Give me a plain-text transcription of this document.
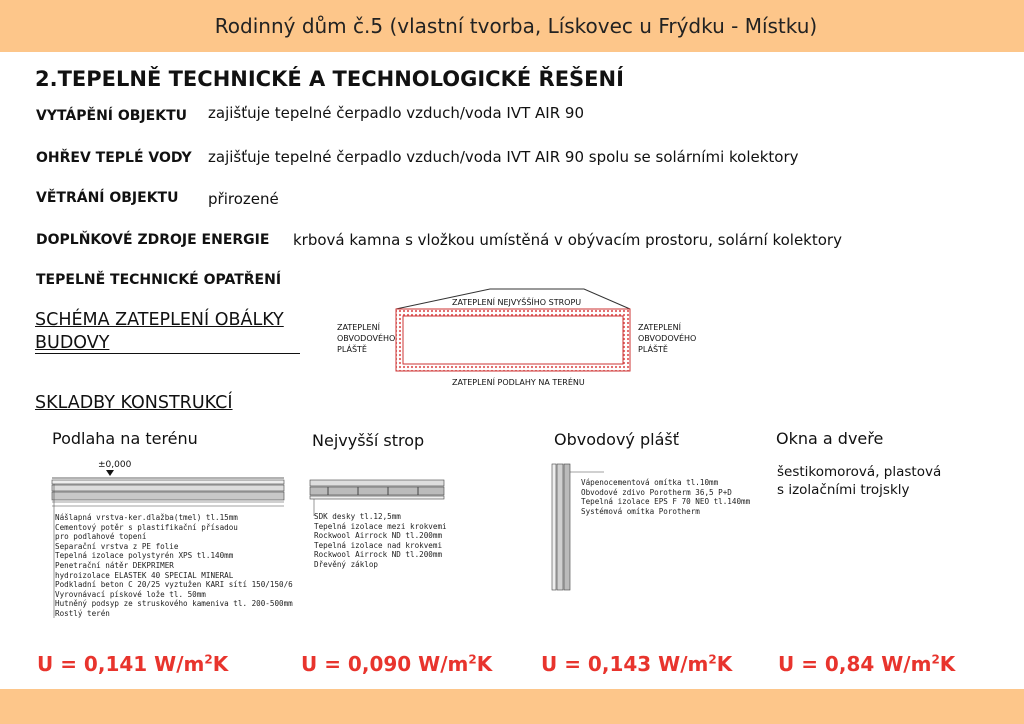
Rodinný dům č.5 (vlastní tvorba, Lískovec u Frýdku - Místku)
2.TEPELNĚ TECHNICKÉ A TECHNOLOGICKÉ ŘEŠENÍ
VYTÁPĚNÍ OBJEKTU zajišťuje tepelné čerpadlo vzduch/voda IVT AIR 90
OHŘEV TEPLÉ VODY zajišťuje tepelné čerpadlo vzduch/voda IVT AIR 90 spolu se solárními kolektory
VĚTRÁNÍ OBJEKTU přirozené
DOPLŇKOVÉ ZDROJE ENERGIE krbová kamna s vložkou umístěná v obývacím prostoru, solární kolektory
TEPELNĚ TECHNICKÉ OPATŘENÍ
SCHÉMA ZATEPLENÍ OBÁLKY
BUDOVY
ZATEPLENÍ NEJVYŠŠÍHO STROPU
ZATEPLENÍ PODLAHY NA TERÉNU
ZATEPLENÍ
OBVODOVÉHO
PLÁŠTĚ
ZATEPLENÍ
OBVODOVÉHO
PLÁŠTĚ
SKLADBY KONSTRUKCÍ
Podlaha na terénu	Nejvyšší strop	Obvodový plášť	Okna a dveře
±0,000
Nášlapná vrstva-ker.dlažba(tmel) tl.15mm
Cementový potěr s plastifikační přísadou
pro podlahové topení
Separační vrstva z PE folie
Tepelná izolace polystyrén XPS tl.140mm
Penetrační nátěr DEKPRIMER
hydroizolace ELASTEK 40 SPECIAL MINERAL
Podkladní beton C 20/25 vyztužen KARI sítí 150/150/6
Vyrovnávací pískové lože tl. 50mm
Hutněný podsyp ze struskového kameniva tl. 200-500mm
Rostlý terén
SDK desky tl.12,5mm
Tepelná izolace mezi krokvemi
Rockwool Airrock ND tl.200mm
Tepelná izolace nad krokvemi
Rockwool Airrock ND tl.200mm
Dřevěný záklop
Vápenocementová omítka tl.10mm
Obvodové zdivo Porotherm 36,5 P+D
Tepelná izolace EPS F 70 NEO tl.140mm
Systémová omítka Porotherm
šestikomorová, plastová
s izolačními trojskly
U = 0,141 $W/m^2K$	U = 0,090 $W/m^2K$ U = 0,143 $W/m^2K$ U = 0,84 $W/m^2K$
